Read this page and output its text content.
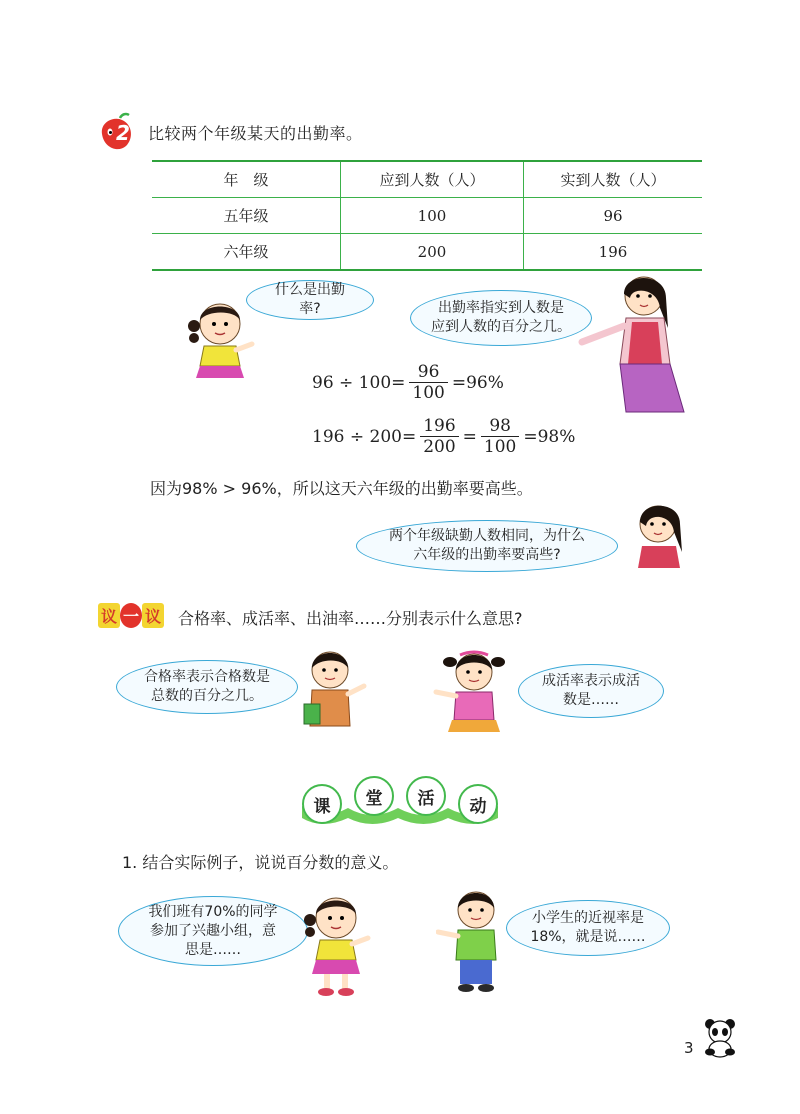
2 比较两个年级某天的出勤率。
年　级	应到人数（人）	实到人数（人）
五年级	100	96
六年级	200	196
什么是出勤率?	出勤率指实到人数是
应到人数的百分之几。
$96 \div 100= \frac{96}{100} =96\%$
$196 \div 200= \frac{196}{200} = \frac{98}{100} =98\%$
因为98% > 96%，所以这天六年级的出勤率要高些。
两个年级缺勤人数相同，为什么
六年级的出勤率要高些?
议 一 议 合格率、成活率、出油率……分别表示什么意思?
合格率表示合格数是
总数的百分之几。
成活率表示成活
数是……
课	堂	活	动
1. 结合实际例子，说说百分数的意义。
我们班有70%的同学
参加了兴趣小组，意
思是……
小学生的近视率是
18%，就是说……
3
